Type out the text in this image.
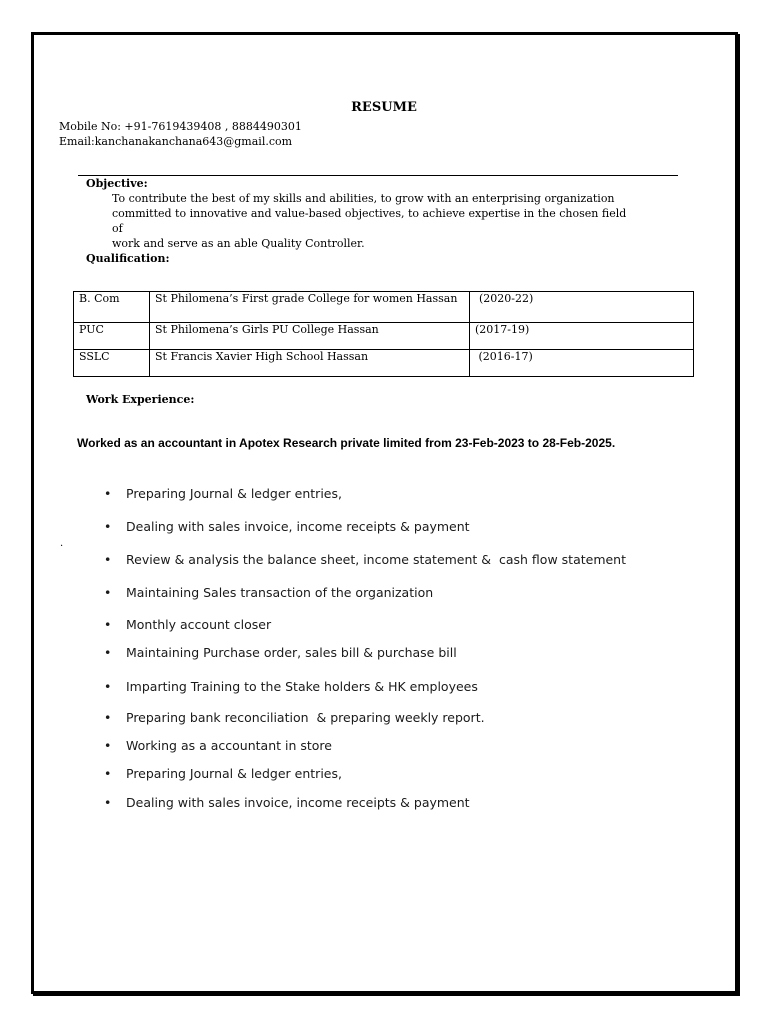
RESUME
Mobile No: +91-7619439408 , 8884490301
Email:kanchanakanchana643@gmail.com
Objective:
To contribute the best of my skills and abilities, to grow with an enterprising organization
committed to innovative and value-based objectives, to achieve expertise in the chosen field of
work and serve as an able Quality Controller.
Qualification:
B. Com	St Philomena’s First grade College for women Hassan	(2020-22)
PUC	St Philomena’s Girls PU College Hassan	(2017-19)
SSLC	St Francis Xavier High School Hassan	(2016-17)
Work Experience:
Worked as an accountant in Apotex Research private limited from 23-Feb-2023 to 28-Feb-2025.
.
• Preparing Journal & ledger entries,
• Dealing with sales invoice, income receipts & payment
• Review & analysis the balance sheet, income statement &  cash flow statement
• Maintaining Sales transaction of the organization
• Monthly account closer
• Maintaining Purchase order, sales bill & purchase bill
• Imparting Training to the Stake holders & HK employees
• Preparing bank reconciliation  & preparing weekly report.
• Working as a accountant in store
• Preparing Journal & ledger entries,
• Dealing with sales invoice, income receipts & payment
